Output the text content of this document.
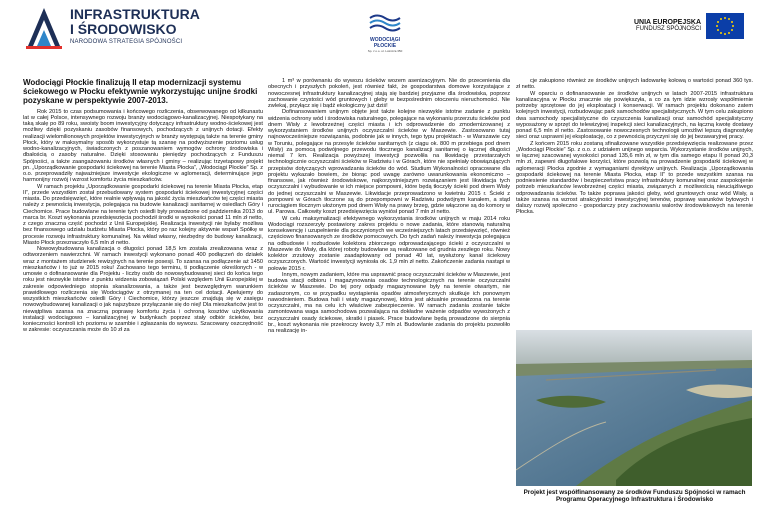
INFRASTRUKTURA
I ŚRODOWISKO
NARODOWA STRATEGIA SPÓJNOŚCI	WODOCIĄGI
PŁOCKIE
Sp. z o.o. ul. Lotnicza 350
UNIA EUROPEJSKA
FUNDUSZ SPÓJNOŚCI
Wodociągi Płockie finalizują II etap modernizacji systemu ściekowego w Płocku efektywnie wykorzystując unijne środki pozyskane w perspektywie 2007-2013.

Rok 2015 to czas podsumowania i końcowego rozliczenia, obserwowanego od kilkunastu lat w całej Polsce, intensywnego rozwoju branży wodociągowo-kanalizacyjnej. Niespotykany na taką skalę po 89 roku, swoisty boom inwestycyjny dotyczący infrastruktury wodno-ściekowej jest możliwy dzięki pozyskaniu zasobów finansowych, pochodzących z unijnych dotacji. Efekty realizacji wielomilionowych projektów inwestycyjnych w branży występują także na terenie gminy Płock, który w maksymalny sposób wykorzystuje tą szansę na podwyższenie poziomu usług wodno-kanalizacyjnych, świadczonych z poszanowaniem wymogów ochrony środowiska i dbałością o zasoby naturalne. Dzięki stosowaniu pieniędzy pochodzących z Funduszu Spójności, a także zaangażowaniu środków własnych i gminy – realizując trzyetapowy projekt pn. „Uporządkowanie gospodarki ściekowej na terenie Miasta Płocka”, „Wodociągi Płockie” Sp. z o.o. przeprowadziły najważniejsze inwestycje ekologiczne w aglomeracji, determinujące jego harmonijny rozwój i wzrost komfortu życia mieszkańców.

W ramach projektu „Uporządkowanie gospodarki ściekowej na terenie Miasta Płocka, etap II”, przede wszystkim został przebudowany system gospodarki ściekowej inwestycyjnej części miasta. Do przedsięwzięć, które realnie wpływają na jakość życia mieszkańców tej części miasta należy z pewnością inwestycja, polegająca na budowie kanalizacji sanitarnej w osiedlach Góry i Ciechomice. Prace budowlane na terenie tych osiedli były prowadzone od października 2013 do marca br. Koszt wykonania przedsięwzięcia pochodził środki w wysokości ponad 11 mln zł netto, z czego znaczna część pochodzi z Unii Europejskiej. Realizacja inwestycji nie byłaby możliwa bez finansowego udziału budżetu Miasta Płocka, który po raz kolejny aktywnie wsparł Spółkę w procesie rozwoju infrastruktury komunalnej. Na wkład własny, niezbędny do budowy kanalizacji, Miasto Płock przeznaczyło 6,5 mln zł netto.

Nowowybudowana kanalizacja o długości ponad 18,5 km została zrealizowana wraz z odtworzeniem nawierzchni. W ramach inwestycji wykonano ponad 400 podłączeń do działek wraz z montażem studzienek rewizyjnych na terenie posesji. To szansa na podłączenie aż 1450 mieszkańców i to już w 2015 roku! Zachowano tego terminu, ti podłączenie określonych - w umowie o dofinansowanie dla Projektu - liczby osób do nowowybudowanej sieci do końca tego roku jest niezwykle istotne z punktu widzenia zobowiązań Polski względem Unii Europejskiej w zakresie odpowiedniego stopnia skanalizowania, a także jest bezwzględnym warunkiem prawidłowego rozliczenia się Wodociągów z otrzymanej na ten cel dotacji. Apelujemy do wszystkich mieszkańców osiedli Góry i Ciechomice, którzy jeszcze znajdują się w zasięgu nowowybudowanej kanalizacji o jak najszybsze przyłączanie się do niej! Dla mieszkańców jest to niewątpliwa szansa na znaczną poprawę komfortu życia i ochroną kosztów użytkowania instalacji wodociągowo – kanalizacyjnej w budynkach poprzez stały odbiór ścieków, bez konieczności kontroli ich poziomu w szambie i zgłaszania do wywozu. Szacowany oszczędność w zakresie: oczyszczania może do 10 zł za

1 m³ w porównaniu do wywozu ścieków wozem asenizacyjnym. Nie do przecenienia dla obecnych i przyszłych pokoleń, jest również fakt, że gospodarstwa domowe korzystające z nowoczesnej infrastruktury kanalizacyjnej stają się bardziej przyjazne dla środowiska, poprzez zachowanie czystości wód gruntowych i gleby w bezpośrednim otoczeniu nieruchomości. Nie zwlekaj, przyłącz się i bądź ekologiczny już dziś!

Dofinansowaniem unijnym objęte jest także kolejne niezwykle istotne zadanie z punktu widzenia ochrony wód i środowiska naturalnego, polegające na wykonaniu przerzutu ścieków pod dnem Wisły z lewobrzeżnej części miasta i ich odprowadzenie do zmodernizowanej z wykorzystaniem środków unijnych oczyszczalni ścieków w Maszewie. Zastosowano tutaj najnowocześniejsze rozwiązania, podobnie jak w innych, tego typu projektach - w Warszawie czy w Toruniu, polegające na przesyle ścieków sanitarnych (z ciągu ok. 800 m przebiega pod dnem Wisły) za pomocą podwójnego przewodu tłocznego kanalizacji sanitarnej o łącznej długości niemal 7 km. Realizacja powyższej inwestycji pozwoliła na likwidację przestarzałych technologicznie oczyszczalni ścieków w Radziwiu i w Górach, które nie spełniały obowiązujących przepisów dotyczących wprowadzania ścieków do wód. Studium Wykonalności opracowane dla projektu wykazało bowiem, że biorąc pod uwagę zarówno uwarunkowania ekonomiczno – finansowe, jak również środowiskowe, najkorzystniejszym rozwiązaniem jest likwidacja tych oczyszczalni i wybudowanie w ich miejsce pompowni, które będą tłoczyły ścieki pod dnem Wisły do jednej oczyszczalni w Maszewie. Likwidacje przeprowadzono w kwietniu 2015 r. Ścieki z pompowni w Górach tłoczone są do przepompowni w Radziwiu podwójnym kanałem, a stąd rurociągiem tłocznym ułożonym pod dnem Wisły na prawy brzeg, gdzie włączone są do komory w ul. Parowa. Całkowity koszt przedsięwzięcia wyniósł ponad 7 mln zł netto.

W celu maksymalizacji efektywnego wykorzystania środków unijnych w maju 2014 roku Wodociągi rozszerzyły postawiony zakres projektu o nowe zadania, które stanowią naturalną konsekwencję i uzupełnienie dla poczynionych we wcześniejszych latach przedsięwzięć, również częściowo finansowanych ze środków pomocowych. Do tych zadań należy inwestycja polegająca na odbudowie i rozbudowie kolektora zbiorczego odprowadzającego ścieki z oczyszczalni w Maszewie do Wisły, dla której roboty budowlane są realizowane od grudnia zeszłego roku. Nowy kolektor zrzutowy zostanie zaadaptowany od ponad 40 lat, wysłużony kanał ściekowy oczyszczonych. Wartość inwestycji wyniosła ok. 1,9 mln zł netto. Zakończenie zadania nastąpi w połowie 2015 r.

Innym, nowym zadaniem, które ma usprawnić pracę oczyszczalni ścieków w Maszewie, jest budowa stacji odbioru i magazynowania osadów technologicznych na terenie oczyszczalni ścieków w Maszewie. Do tej pory odpady magazynowane były na terenie otwartym, nie zadaszonym, co w przypadku wystąpienia opadów atmosferycznych skutkuje ich ponownym nawodnieniem. Budowa hali i wiaty magazynowej, która jest aktualnie prowadzona na terenie oczyszczalni, ma na celu ich właściwe zabezpieczenie. W ramach zadania zostanie także zamontowana waga samochodowa pozwalająca na dokładne ważenie odpadów wywożonych z oczyszczalni osady ściekowe, skratki i piasek. Prace budowlane będą prowadzone do sierpnia br., koszt wykonania nie przekroczy kwoty 3,7 mln zł. Budowlanie zadania do projektu pozwoliło na realizację in-

cje zakupiono również ze środków unijnych ładowarkę kołową o wartości ponad 360 tys. zł netto.

W oparciu o dofinansowanie ze środków unijnych w latach 2007-2015 infrastruktura kanalizacyjna w Płocku znacznie się powiększyła, a co za tym idzie wzrosły współmiernie potrzeby sprzętowe do jej eksploatacji i konserwacji. W ramach projektu dokonano zatem kolejnych inwestycji, rozbudowując park samochodów specjalistycznych. W tym celu zakupiono dwa samochody specjalistyczne do czyszczenia kanalizacji oraz samochód specjalistyczny wyposażony w sprzęt do telewizyjnej inspekcji sieci kanalizacyjnych, na łączną kwotę dostawy ponad 6,5 mln zł netto. Zastosowanie nowoczesnych technologii umożliwi lepszą diagnostykę sieci oraz usprawni jej eksploatację, co z pewnością przyczyni się do jej bezawaryjnej pracy.

Z końcem 2015 roku zostaną sfinalizowane wszystkie przedsięwzięcia realizowane przez „Wodociągi Płockie” Sp. z o.o. z udziałem unijnego wsparcia. Wykorzystanie środków unijnych, w łącznej szacowanej wysokości ponad 135,6 mln zł, w tym dla samego etapu II ponad 20,3 mln zł, zapewni długofalowe korzyści, które pozwolą na prowadzenie gospodarki ściekowej w aglomeracji Płocka zgodnie z wymaganiami dyrektyw unijnych. Realizacja „Uporządkowania gospodarki ściekowej na terenie Miasta Płocka, etap II” to przede wszystkim szansa na podniesienie standardów i bezpieczeństwa pracy infrastruktury komunalnej oraz zaspokojenie potrzeb mieszkańców lewobrzeżnej części miasta, związanych z możliwością nieuciążliwego odprowadzania ścieków. To także poprawa jakości gleby, wód gruntowych oraz wód Wisły, a także szansa na wzrost atrakcyjności inwestycyjnej terenów, poprawę warunków bytowych i dalszy rozwój społeczno - gospodarczy przy zachowaniu walorów środowiskowych na terenie Płocka.

Projekt jest współfinansowany ze środków Funduszu Spójności w ramach Programu Operacyjnego Infrastruktura i Środowisko
